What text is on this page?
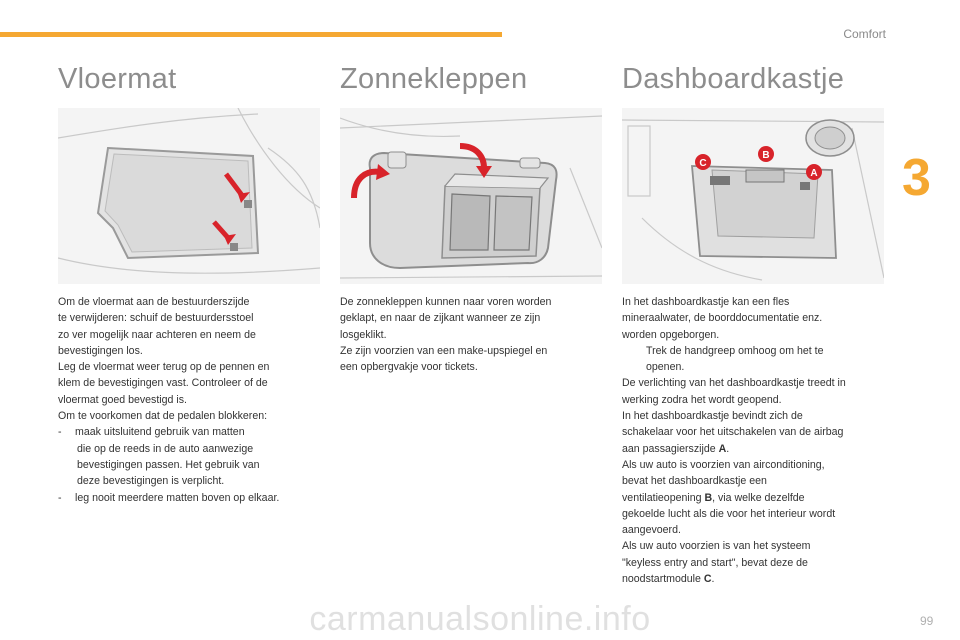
Comfort
3
Vloermat

Om de vloermat aan de bestuurderszijde

te verwijderen: schuif de bestuurdersstoel

zo ver mogelijk naar achteren en neem de

bevestigingen los.

Leg de vloermat weer terug op de pennen en

klem de bevestigingen vast. Controleer of de

vloermat goed bevestigd is.

Om te voorkomen dat de pedalen blokkeren:

-	maak uitsluitend gebruik van matten

die op de reeds in de auto aanwezige

bevestigingen passen. Het gebruik van

deze bevestigingen is verplicht.

-	leg nooit meerdere matten boven op elkaar.

Zonnekleppen

De zonnekleppen kunnen naar voren worden

geklapt, en naar de zijkant wanneer ze zijn

losgeklikt.

Ze zijn voorzien van een make-upspiegel en

een opbergvakje voor tickets.

Dashboardkastje
C
B
A

In het dashboardkastje kan een fles

mineraalwater, de boorddocumentatie enz.

worden opgeborgen.

Trek de handgreep omhoog om het te

openen.

De verlichting van het dashboardkastje treedt in

werking zodra het wordt geopend.

In het dashboardkastje bevindt zich de

schakelaar voor het uitschakelen van de airbag

aan passagierszijde A.

Als uw auto is voorzien van airconditioning,

bevat het dashboardkastje een

ventilatieopening B, via welke dezelfde

gekoelde lucht als die voor het interieur wordt

aangevoerd.

Als uw auto voorzien is van het systeem

"keyless entry and start", bevat deze de

noodstartmodule C.

carmanualsonline.info	99
